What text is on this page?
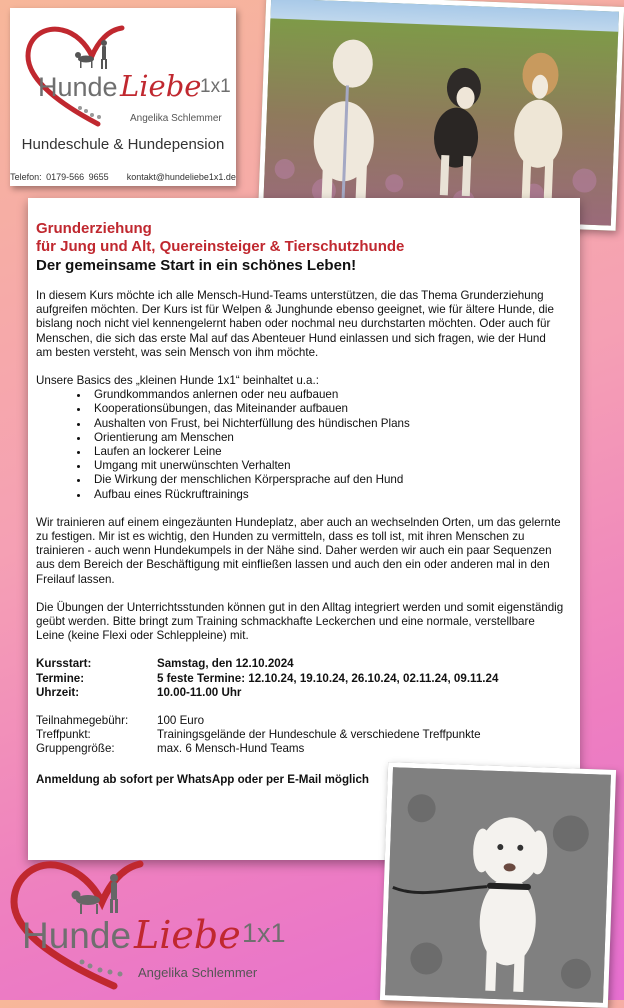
Hunde Liebe
1x1
Angelika Schlemmer
Hundeschule & Hundepension
Telefon: 0179-566 9655 kontakt@hundeliebe1x1.de
Grunderziehung
für Jung und Alt, Quereinsteiger & Tierschutzhunde
Der gemeinsame Start in ein schönes Leben!

In diesem Kurs möchte ich alle Mensch-Hund-Teams unterstützen, die das Thema Grunderziehung aufgreifen möchten. Der Kurs ist für Welpen & Junghunde ebenso geeignet, wie für ältere Hunde, die bislang noch nicht viel kennengelernt haben oder nochmal neu durchstarten möchten. Oder auch für Menschen, die sich das erste Mal auf das Abenteuer Hund einlassen und sich fragen, wie der Hund am besten versteht, was sein Mensch von ihm möchte.

Unsere Basics des „kleinen Hunde 1x1“ beinhaltet u.a.:

• Grundkommandos anlernen oder neu aufbauen
• Kooperationsübungen, das Miteinander aufbauen
• Aushalten von Frust, bei Nichterfüllung des hündischen Plans
• Orientierung am Menschen
• Laufen an lockerer Leine
• Umgang mit unerwünschten Verhalten
• Die Wirkung der menschlichen Körpersprache auf den Hund
• Aufbau eines Rückruftrainings

Wir trainieren auf einem eingezäunten Hundeplatz, aber auch an wechselnden Orten, um das gelernte zu festigen. Mir ist es wichtig, den Hunden zu vermitteln, dass es toll ist, mit ihren Menschen zu trainieren - auch wenn Hundekumpels in der Nähe sind. Daher werden wir auch ein paar Sequenzen aus dem Bereich der Beschäftigung mit einfließen lassen und auch den ein oder anderen mal in den Freilauf lassen.

Die Übungen der Unterrichtsstunden können gut in den Alltag integriert werden und somit eigenständig geübt werden. Bitte bringt zum Training schmackhafte Leckerchen und eine normale, verstellbare Leine (keine Flexi oder Schleppleine) mit.

Kursstart:	Samstag, den 12.10.2024
Termine:	5 feste Termine: 12.10.24, 19.10.24, 26.10.24, 02.11.24, 09.11.24
Uhrzeit:	10.00-11.00 Uhr

Teilnahmegebühr:	100 Euro
Treffpunkt:	Trainingsgelände der Hundeschule & verschiedene Treffpunkte
Gruppengröße:	max. 6 Mensch-Hund Teams

Anmeldung ab sofort per WhatsApp oder per E-Mail möglich

Hunde Liebe 1x1
Angelika Schlemmer
